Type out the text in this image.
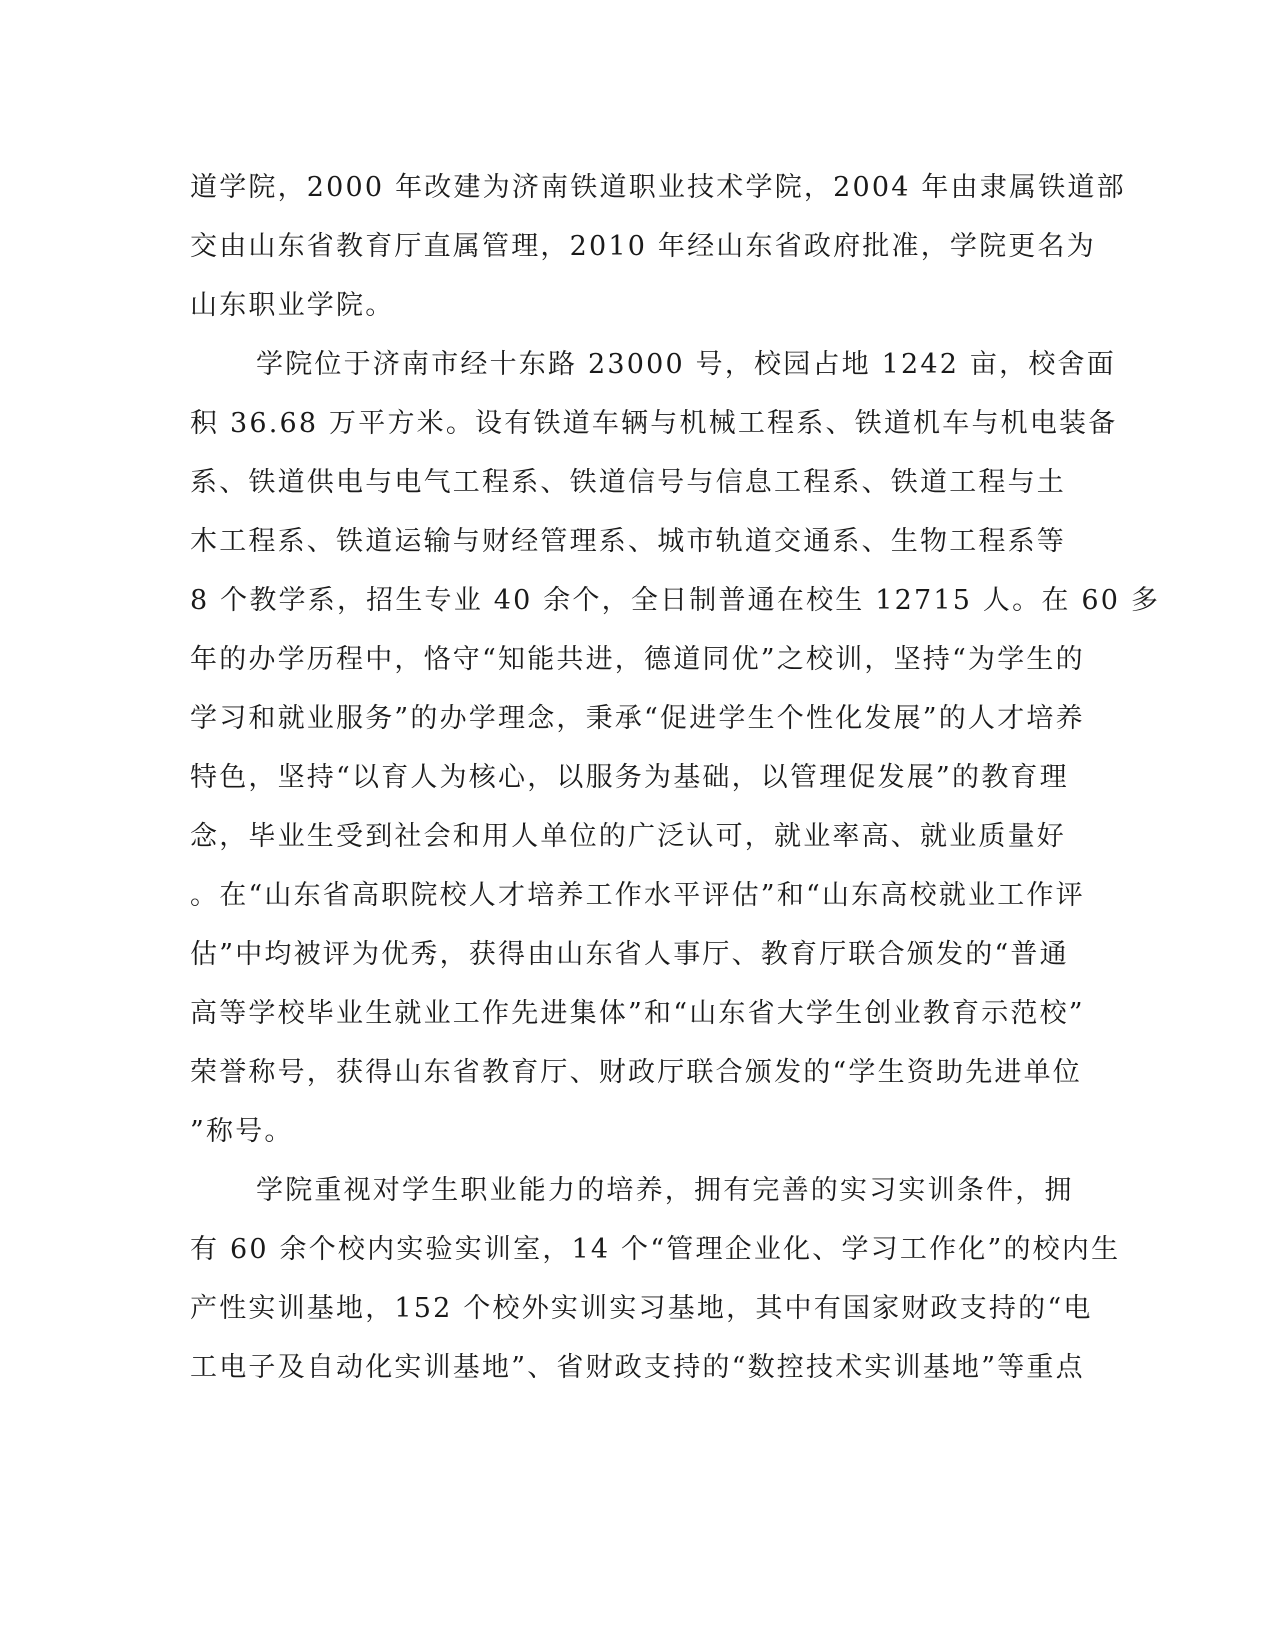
道学院，2000 年改建为济南铁道职业技术学院，2004 年由隶属铁道部
交由山东省教育厅直属管理，2010 年经山东省政府批准，学院更名为
山东职业学院。
学院位于济南市经十东路 23000 号，校园占地 1242 亩，校舍面
积 36.68 万平方米。设有铁道车辆与机械工程系、铁道机车与机电装备
系、铁道供电与电气工程系、铁道信号与信息工程系、铁道工程与土
木工程系、铁道运输与财经管理系、城市轨道交通系、生物工程系等
8 个教学系，招生专业 40 余个，全日制普通在校生 12715 人。在 60 多
年的办学历程中，恪守“知能共进，德道同优”之校训，坚持“为学生的
学习和就业服务”的办学理念，秉承“促进学生个性化发展”的人才培养
特色，坚持“以育人为核心，以服务为基础，以管理促发展”的教育理
念，毕业生受到社会和用人单位的广泛认可，就业率高、就业质量好
。在“山东省高职院校人才培养工作水平评估”和“山东高校就业工作评
估”中均被评为优秀，获得由山东省人事厅、教育厅联合颁发的“普通
高等学校毕业生就业工作先进集体”和“山东省大学生创业教育示范校”
荣誉称号，获得山东省教育厅、财政厅联合颁发的“学生资助先进单位
”称号。
学院重视对学生职业能力的培养，拥有完善的实习实训条件，拥
有 60 余个校内实验实训室，14 个“管理企业化、学习工作化”的校内生
产性实训基地，152 个校外实训实习基地，其中有国家财政支持的“电
工电子及自动化实训基地”、省财政支持的“数控技术实训基地”等重点
